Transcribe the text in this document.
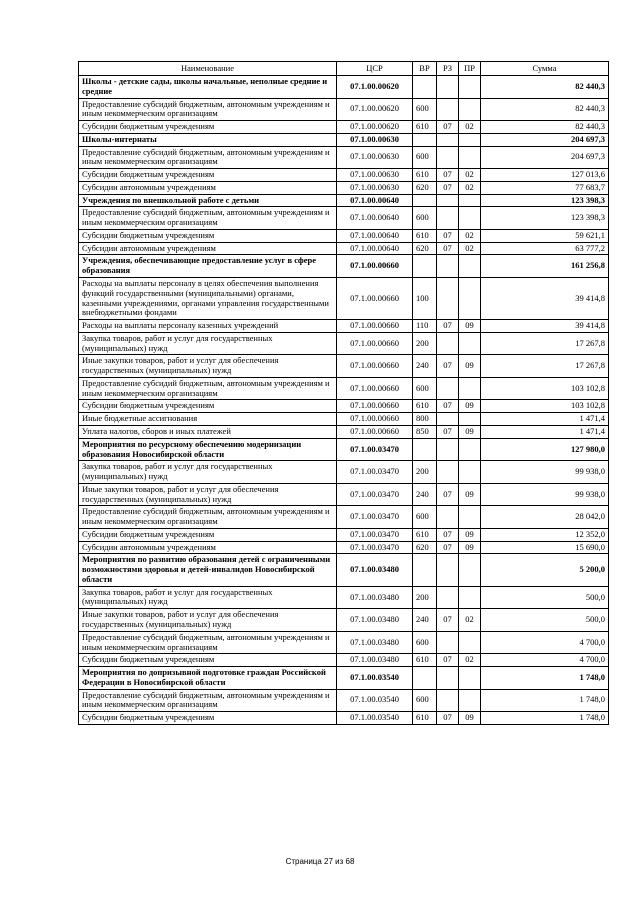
Наименование	ЦСР	ВР	РЗ	ПР	Сумма
Школы - детские сады, школы начальные, неполные средние и средние	07.1.00.00620				82 440,3
Предоставление субсидий бюджетным, автономным учреждениям и иным некоммерческим организациям	07.1.00.00620	600			82 440,3
Субсидии бюджетным учреждениям	07.1.00.00620	610	07	02	82 440,3
Школы-интернаты	07.1.00.00630				204 697,3
Предоставление субсидий бюджетным, автономным учреждениям и иным некоммерческим организациям	07.1.00.00630	600			204 697,3
Субсидии бюджетным учреждениям	07.1.00.00630	610	07	02	127 013,6
Субсидии автономным учреждениям	07.1.00.00630	620	07	02	77 683,7
Учреждения по внешкольной работе с детьми	07.1.00.00640				123 398,3
Предоставление субсидий бюджетным, автономным учреждениям и иным некоммерческим организациям	07.1.00.00640	600			123 398,3
Субсидии бюджетным учреждениям	07.1.00.00640	610	07	02	59 621,1
Субсидии автономным учреждениям	07.1.00.00640	620	07	02	63 777,2
Учреждения, обеспечивающие предоставление услуг в сфере образования	07.1.00.00660				161 256,8
Расходы на выплаты персоналу в целях обеспечения выполнения функций государственными (муниципальными) органами, казенными учреждениями, органами управления государственными внебюджетными фондами	07.1.00.00660	100			39 414,8
Расходы на выплаты персоналу казенных учреждений	07.1.00.00660	110	07	09	39 414,8
Закупка товаров, работ и услуг для государственных (муниципальных) нужд	07.1.00.00660	200			17 267,8
Иные закупки товаров, работ и услуг для обеспечения государственных (муниципальных) нужд	07.1.00.00660	240	07	09	17 267,8
Предоставление субсидий бюджетным, автономным учреждениям и иным некоммерческим организациям	07.1.00.00660	600			103 102,8
Субсидии бюджетным учреждениям	07.1.00.00660	610	07	09	103 102,8
Иные бюджетные ассигнования	07.1.00.00660	800			1 471,4
Уплата налогов, сборов и иных платежей	07.1.00.00660	850	07	09	1 471,4
Мероприятия по ресурсному обеспечению модернизации образования Новосибирской области	07.1.00.03470				127 980,0
Закупка товаров, работ и услуг для государственных (муниципальных) нужд	07.1.00.03470	200			99 938,0
Иные закупки товаров, работ и услуг для обеспечения государственных (муниципальных) нужд	07.1.00.03470	240	07	09	99 938,0
Предоставление субсидий бюджетным, автономным учреждениям и иным некоммерческим организациям	07.1.00.03470	600			28 042,0
Субсидии бюджетным учреждениям	07.1.00.03470	610	07	09	12 352,0
Субсидии автономным учреждениям	07.1.00.03470	620	07	09	15 690,0
Мероприятия по развитию образования детей с ограниченными возможностями здоровья и детей-инвалидов Новосибирской области	07.1.00.03480				5 200,0
Закупка товаров, работ и услуг для государственных (муниципальных) нужд	07.1.00.03480	200			500,0
Иные закупки товаров, работ и услуг для обеспечения государственных (муниципальных) нужд	07.1.00.03480	240	07	02	500,0
Предоставление субсидий бюджетным, автономным учреждениям и иным некоммерческим организациям	07.1.00.03480	600			4 700,0
Субсидии бюджетным учреждениям	07.1.00.03480	610	07	02	4 700,0
Мероприятия по допризывной подготовке граждан Российской Федерации в Новосибирской области	07.1.00.03540				1 748,0
Предоставление субсидий бюджетным, автономным учреждениям и иным некоммерческим организациям	07.1.00.03540	600			1 748,0
Субсидии бюджетным учреждениям	07.1.00.03540	610	07	09	1 748,0
Страница 27 из 68
